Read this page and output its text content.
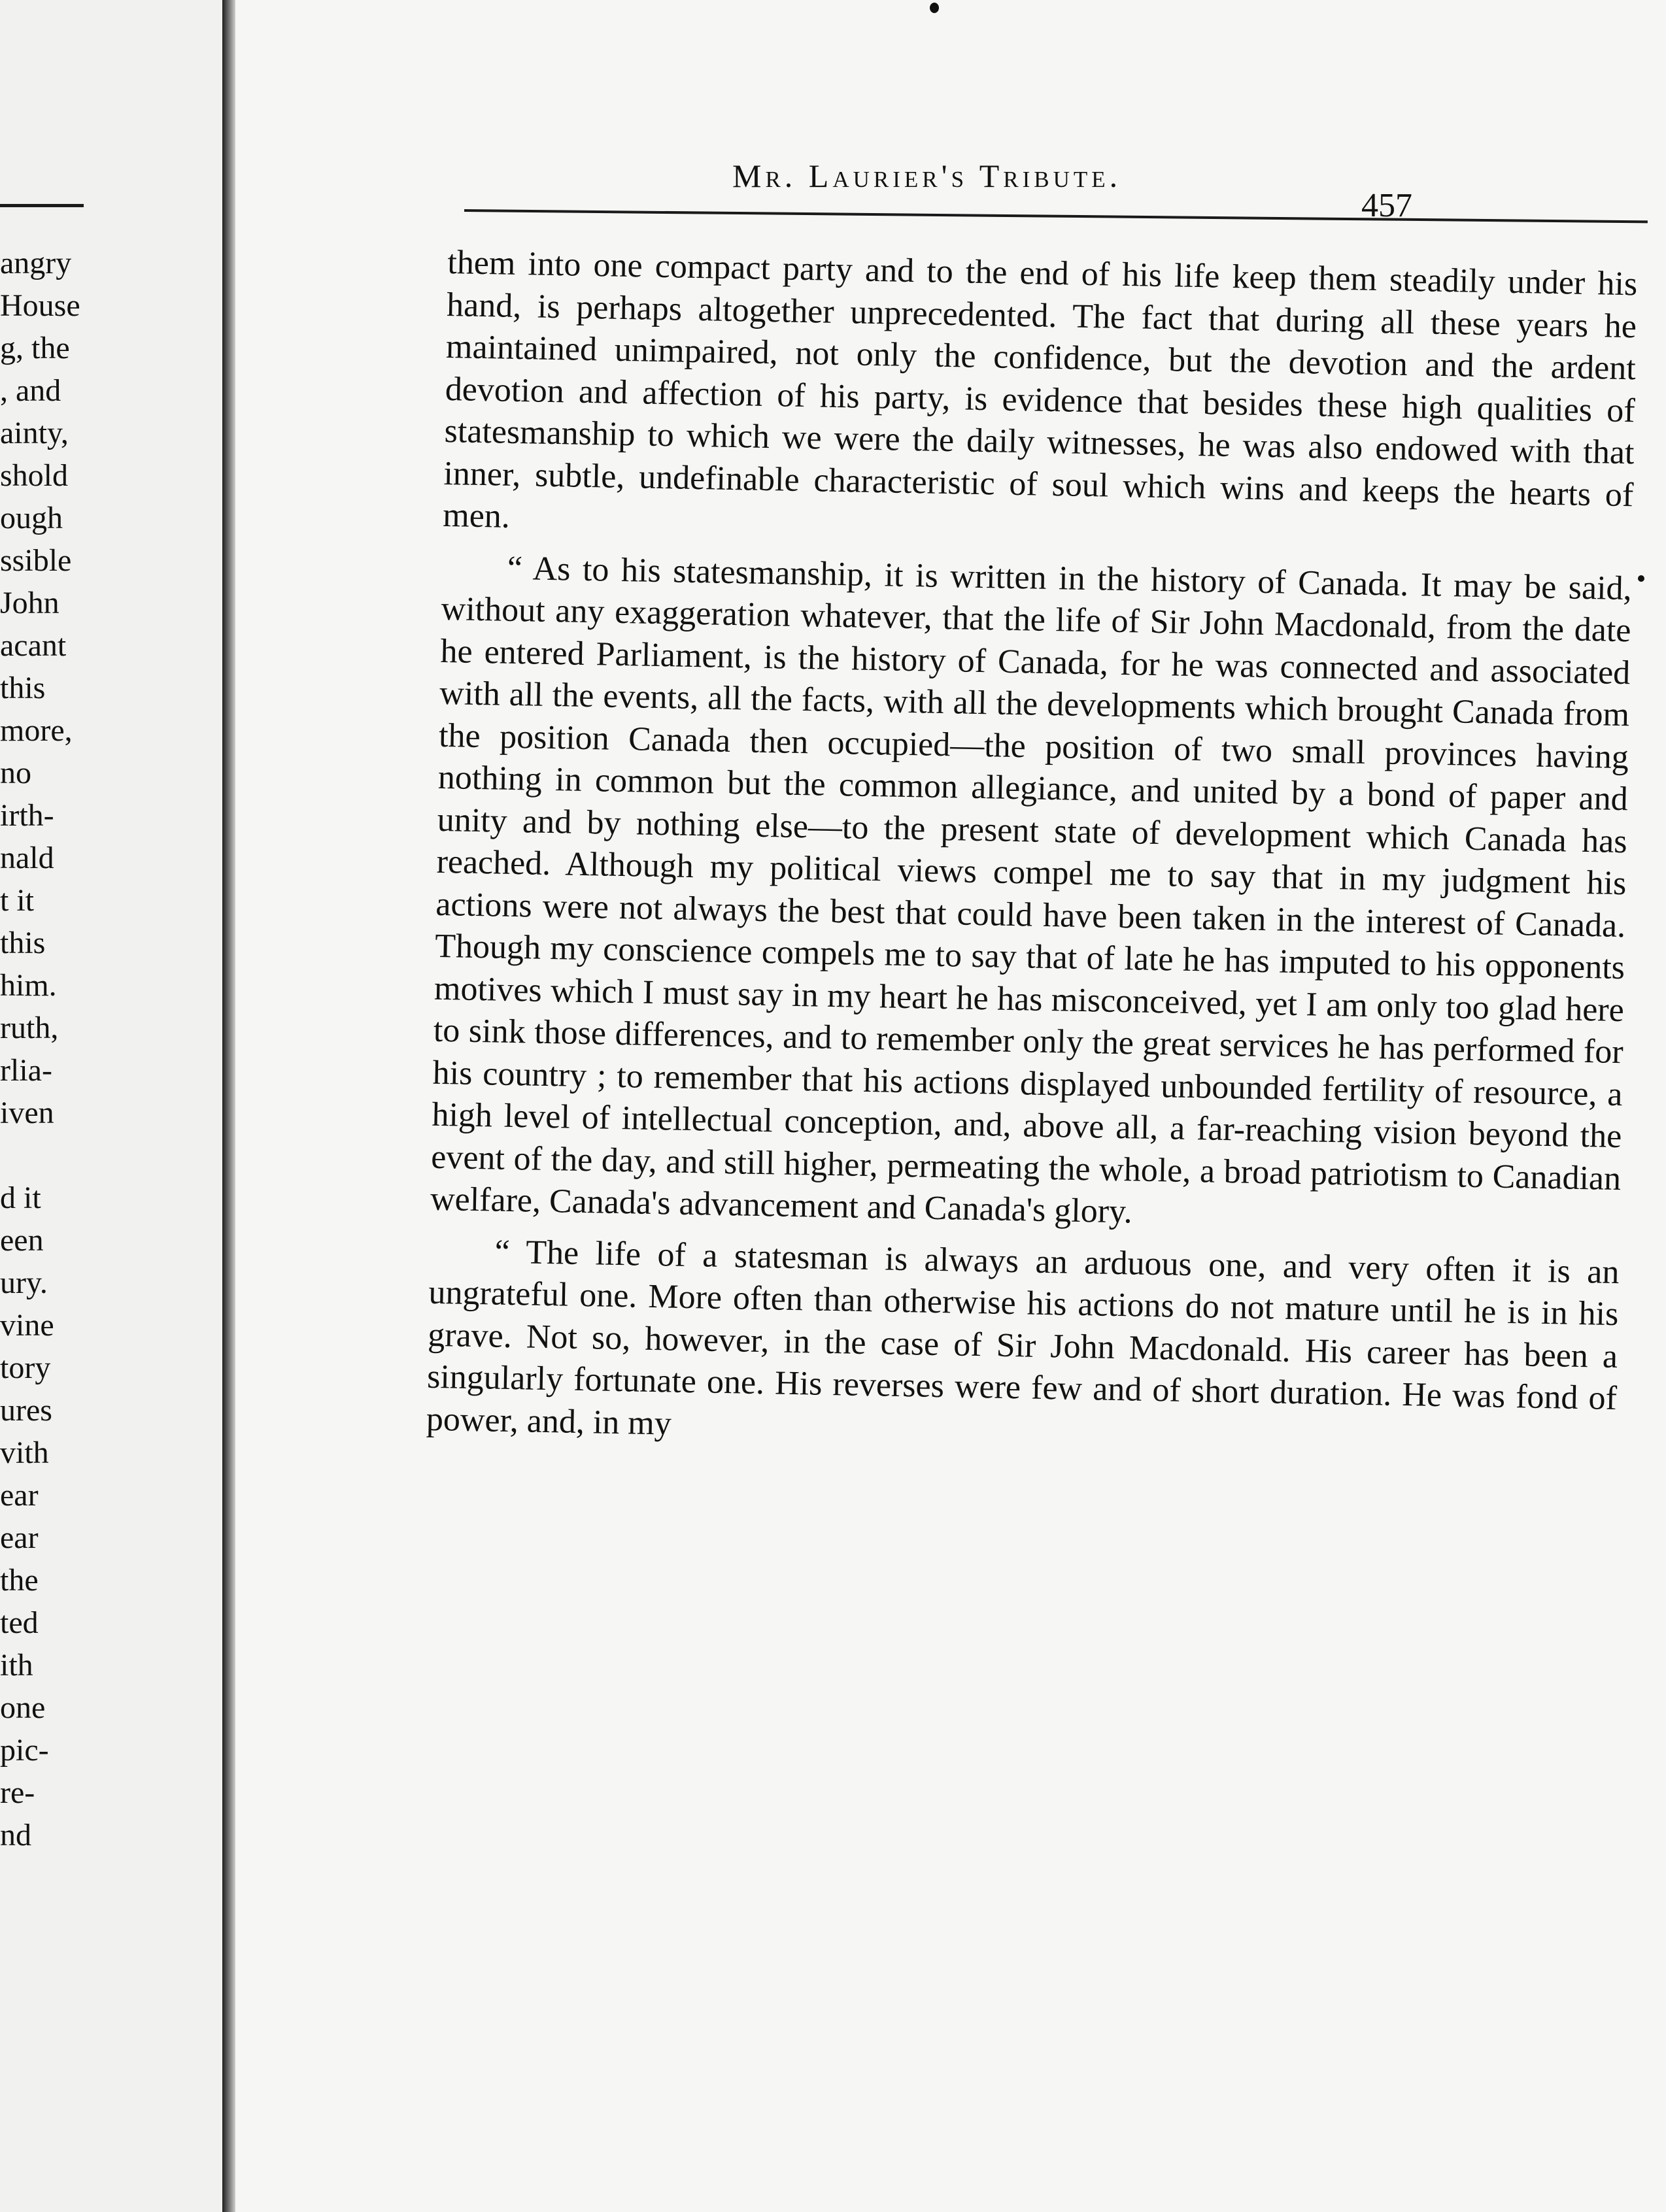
angry
House
g, the
, and
ainty,
shold
ough
ssible
John
acant
this
more,
no
irth-
nald
t it
this
him.
ruth,
rlia-
iven
d it
een
ury.
vine
tory
ures
vith
ear
ear
the
ted
ith
one
pic-
re-
nd
Mr. Laurier's Tribute.
457

them into one compact party and to the end of his life keep them steadily under his hand, is perhaps altogether unprecedented. The fact that during all these years he maintained unimpaired, not only the confidence, but the devotion and the ardent devotion and affection of his party, is evidence that besides these high qualities of statesmanship to which we were the daily witnesses, he was also endowed with that inner, subtle, undefinable characteristic of soul which wins and keeps the hearts of men.

“ As to his statesmanship, it is written in the history of Canada. It may be said, without any exaggeration whatever, that the life of Sir John Macdonald, from the date he entered Parliament, is the history of Canada, for he was connected and associated with all the events, all the facts, with all the developments which brought Canada from the position Canada then occupied—the position of two small provinces having nothing in common but the common allegiance, and united by a bond of paper and unity and by nothing else—to the present state of development which Canada has reached. Although my political views compel me to say that in my judgment his actions were not always the best that could have been taken in the interest of Canada. Though my conscience compels me to say that of late he has imputed to his opponents motives which I must say in my heart he has misconceived, yet I am only too glad here to sink those differences, and to remember only the great services he has performed for his country ; to remember that his actions displayed unbounded fertility of resource, a high level of intellectual conception, and, above all, a far-reaching vision beyond the event of the day, and still higher, permeating the whole, a broad patriotism to Canadian welfare, Canada's advancement and Canada's glory.

“ The life of a statesman is always an arduous one, and very often it is an ungrateful one. More often than otherwise his actions do not mature until he is in his grave. Not so, however, in the case of Sir John Macdonald. His career has been a singularly fortunate one. His reverses were few and of short duration. He was fond of power, and, in my
